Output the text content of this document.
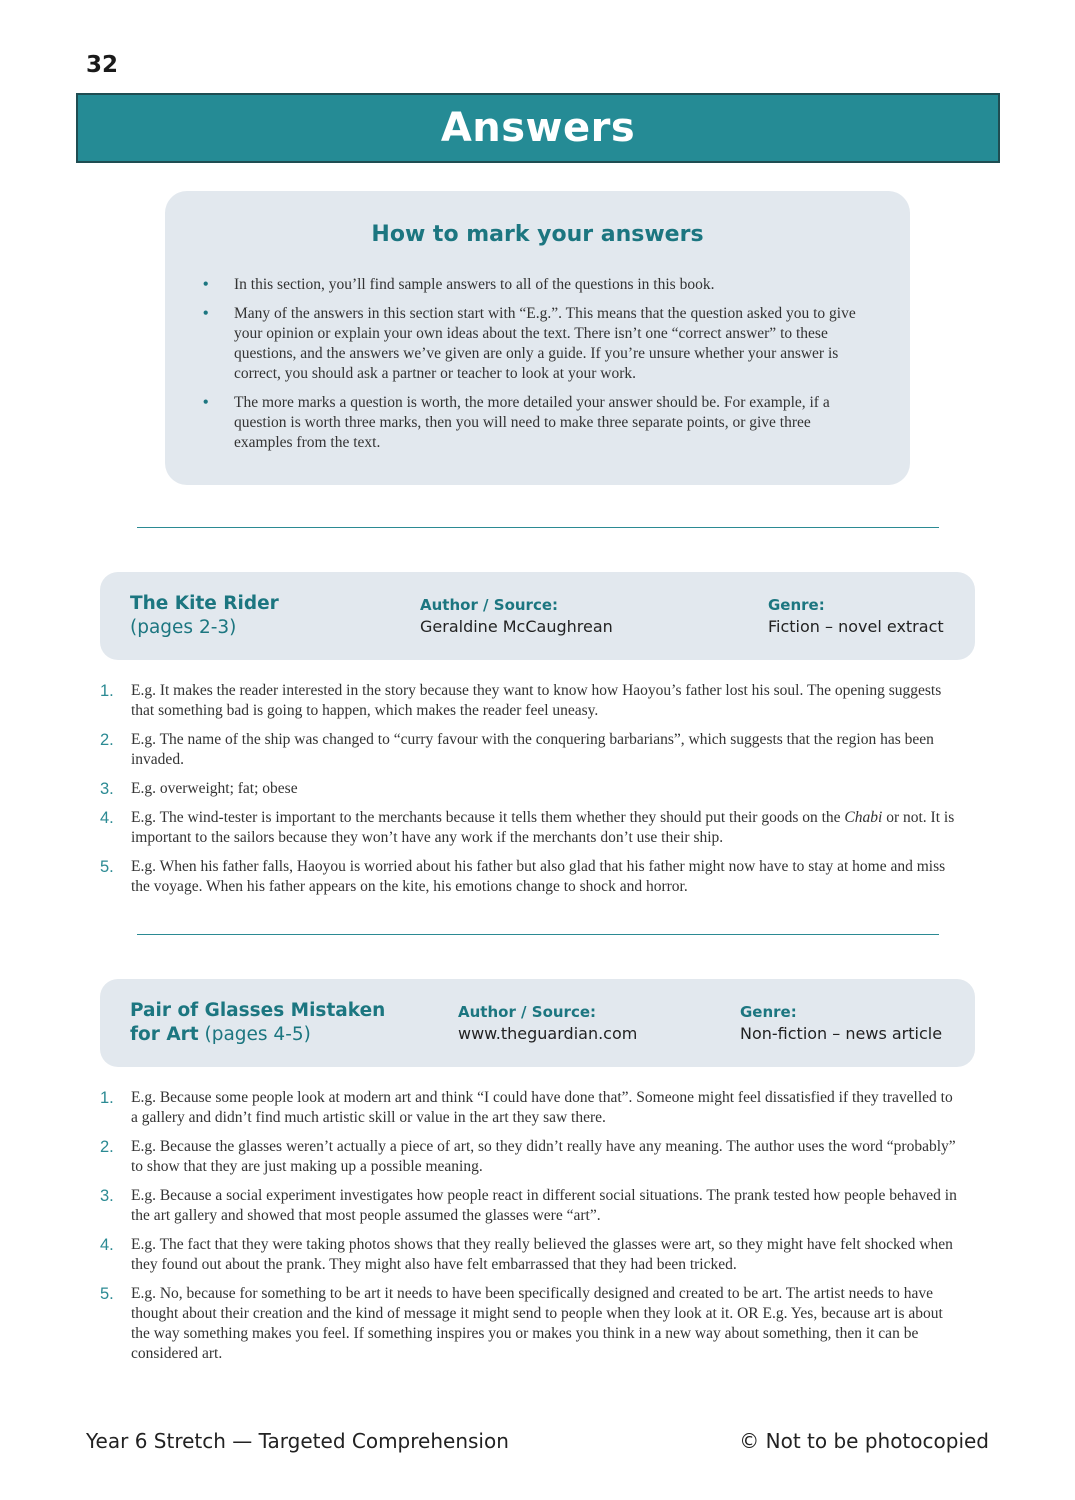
32
Answers
How to mark your answers
• In this section, you’ll find sample answers to all of the questions in this book.
• Many of the answers in this section start with “E.g.”. This means that the question asked you to give your opinion or explain your own ideas about the text. There isn’t one “correct answer” to these questions, and the answers we’ve given are only a guide. If you’re unsure whether your answer is correct, you should ask a partner or teacher to look at your work.
• The more marks a question is worth, the more detailed your answer should be. For example, if a question is worth three marks, then you will need to make three separate points, or give three examples from the text.
The Kite Rider
(pages 2-3)
Author / Source:
Geraldine McCaughrean
Genre:
Fiction – novel extract
1. E.g. It makes the reader interested in the story because they want to know how Haoyou’s father lost his soul. The opening suggests that something bad is going to happen, which makes the reader feel uneasy.
2. E.g. The name of the ship was changed to “curry favour with the conquering barbarians”, which suggests that the region has been invaded.
3. E.g. overweight; fat; obese
4. E.g. The wind-tester is important to the merchants because it tells them whether they should put their goods on the Chabi or not. It is important to the sailors because they won’t have any work if the merchants don’t use their ship.
5. E.g. When his father falls, Haoyou is worried about his father but also glad that his father might now have to stay at home and miss the voyage. When his father appears on the kite, his emotions change to shock and horror.
Pair of Glasses Mistaken
for Art (pages 4-5)
Author / Source:
www.theguardian.com
Genre:
Non-fiction – news article
1. E.g. Because some people look at modern art and think “I could have done that”. Someone might feel dissatisfied if they travelled to a gallery and didn’t find much artistic skill or value in the art they saw there.
2. E.g. Because the glasses weren’t actually a piece of art, so they didn’t really have any meaning. The author uses the word “probably” to show that they are just making up a possible meaning.
3. E.g. Because a social experiment investigates how people react in different social situations. The prank tested how people behaved in the art gallery and showed that most people assumed the glasses were “art”.
4. E.g. The fact that they were taking photos shows that they really believed the glasses were art, so they might have felt shocked when they found out about the prank. They might also have felt embarrassed that they had been tricked.
5. E.g. No, because for something to be art it needs to have been specifically designed and created to be art. The artist needs to have thought about their creation and the kind of message it might send to people when they look at it. OR E.g. Yes, because art is about the way something makes you feel. If something inspires you or makes you think in a new way about something, then it can be considered art.
Year 6 Stretch — Targeted Comprehension	© Not to be photocopied
